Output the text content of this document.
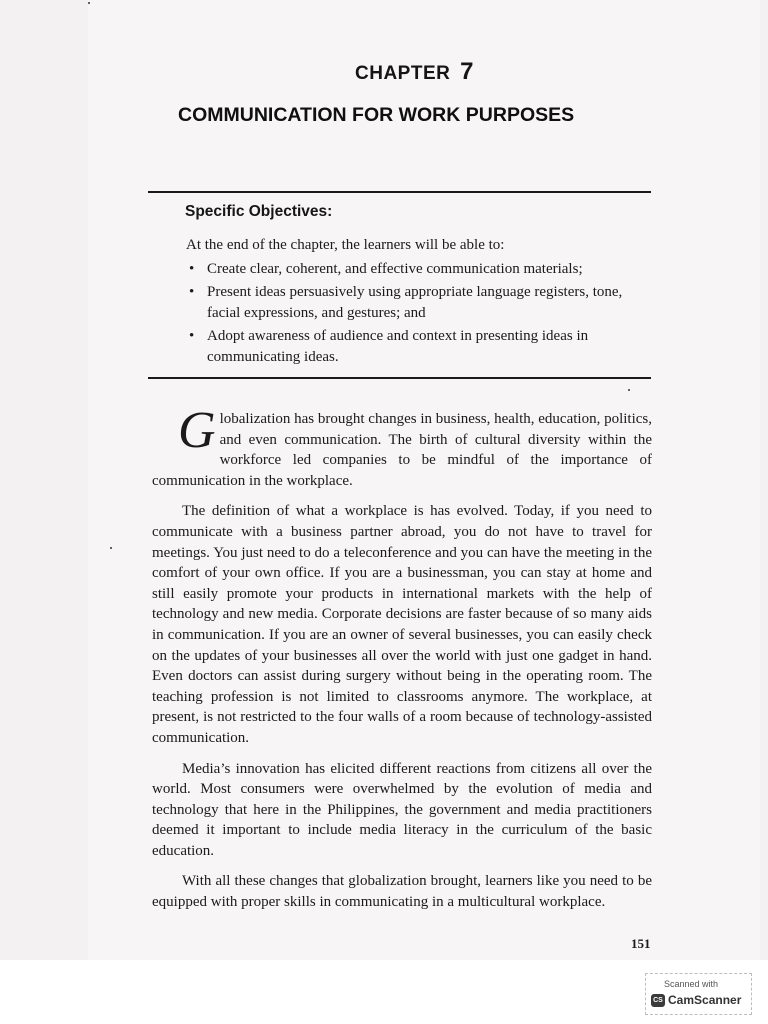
CHAPTER 7
COMMUNICATION FOR WORK PURPOSES
Specific Objectives:
At the end of the chapter, the learners will be able to:
• Create clear, coherent, and effective communication materials;
• Present ideas persuasively using appropriate language registers, tone, facial expressions, and gestures; and
• Adopt awareness of audience and context in presenting ideas in communicating ideas.

Globalization has brought changes in business, health, education, politics, and even communication. The birth of cultural diversity within the workforce led companies to be mindful of the importance of communication in the workplace.

The definition of what a workplace is has evolved. Today, if you need to communicate with a business partner abroad, you do not have to travel for meetings. You just need to do a teleconference and you can have the meeting in the comfort of your own office. If you are a businessman, you can stay at home and still easily promote your products in international markets with the help of technology and new media. Corporate decisions are faster because of so many aids in communication. If you are an owner of several businesses, you can easily check on the updates of your businesses all over the world with just one gadget in hand. Even doctors can assist during surgery without being in the operating room. The teaching profession is not limited to classrooms anymore. The workplace, at present, is not restricted to the four walls of a room because of technology-assisted communication.

Media’s innovation has elicited different reactions from citizens all over the world. Most consumers were overwhelmed by the evolution of media and technology that here in the Philippines, the government and media practitioners deemed it important to include media literacy in the curriculum of the basic education.

With all these changes that globalization brought, learners like you need to be equipped with proper skills in communicating in a multicultural workplace.

151
Scanned with
CS CamScanner
